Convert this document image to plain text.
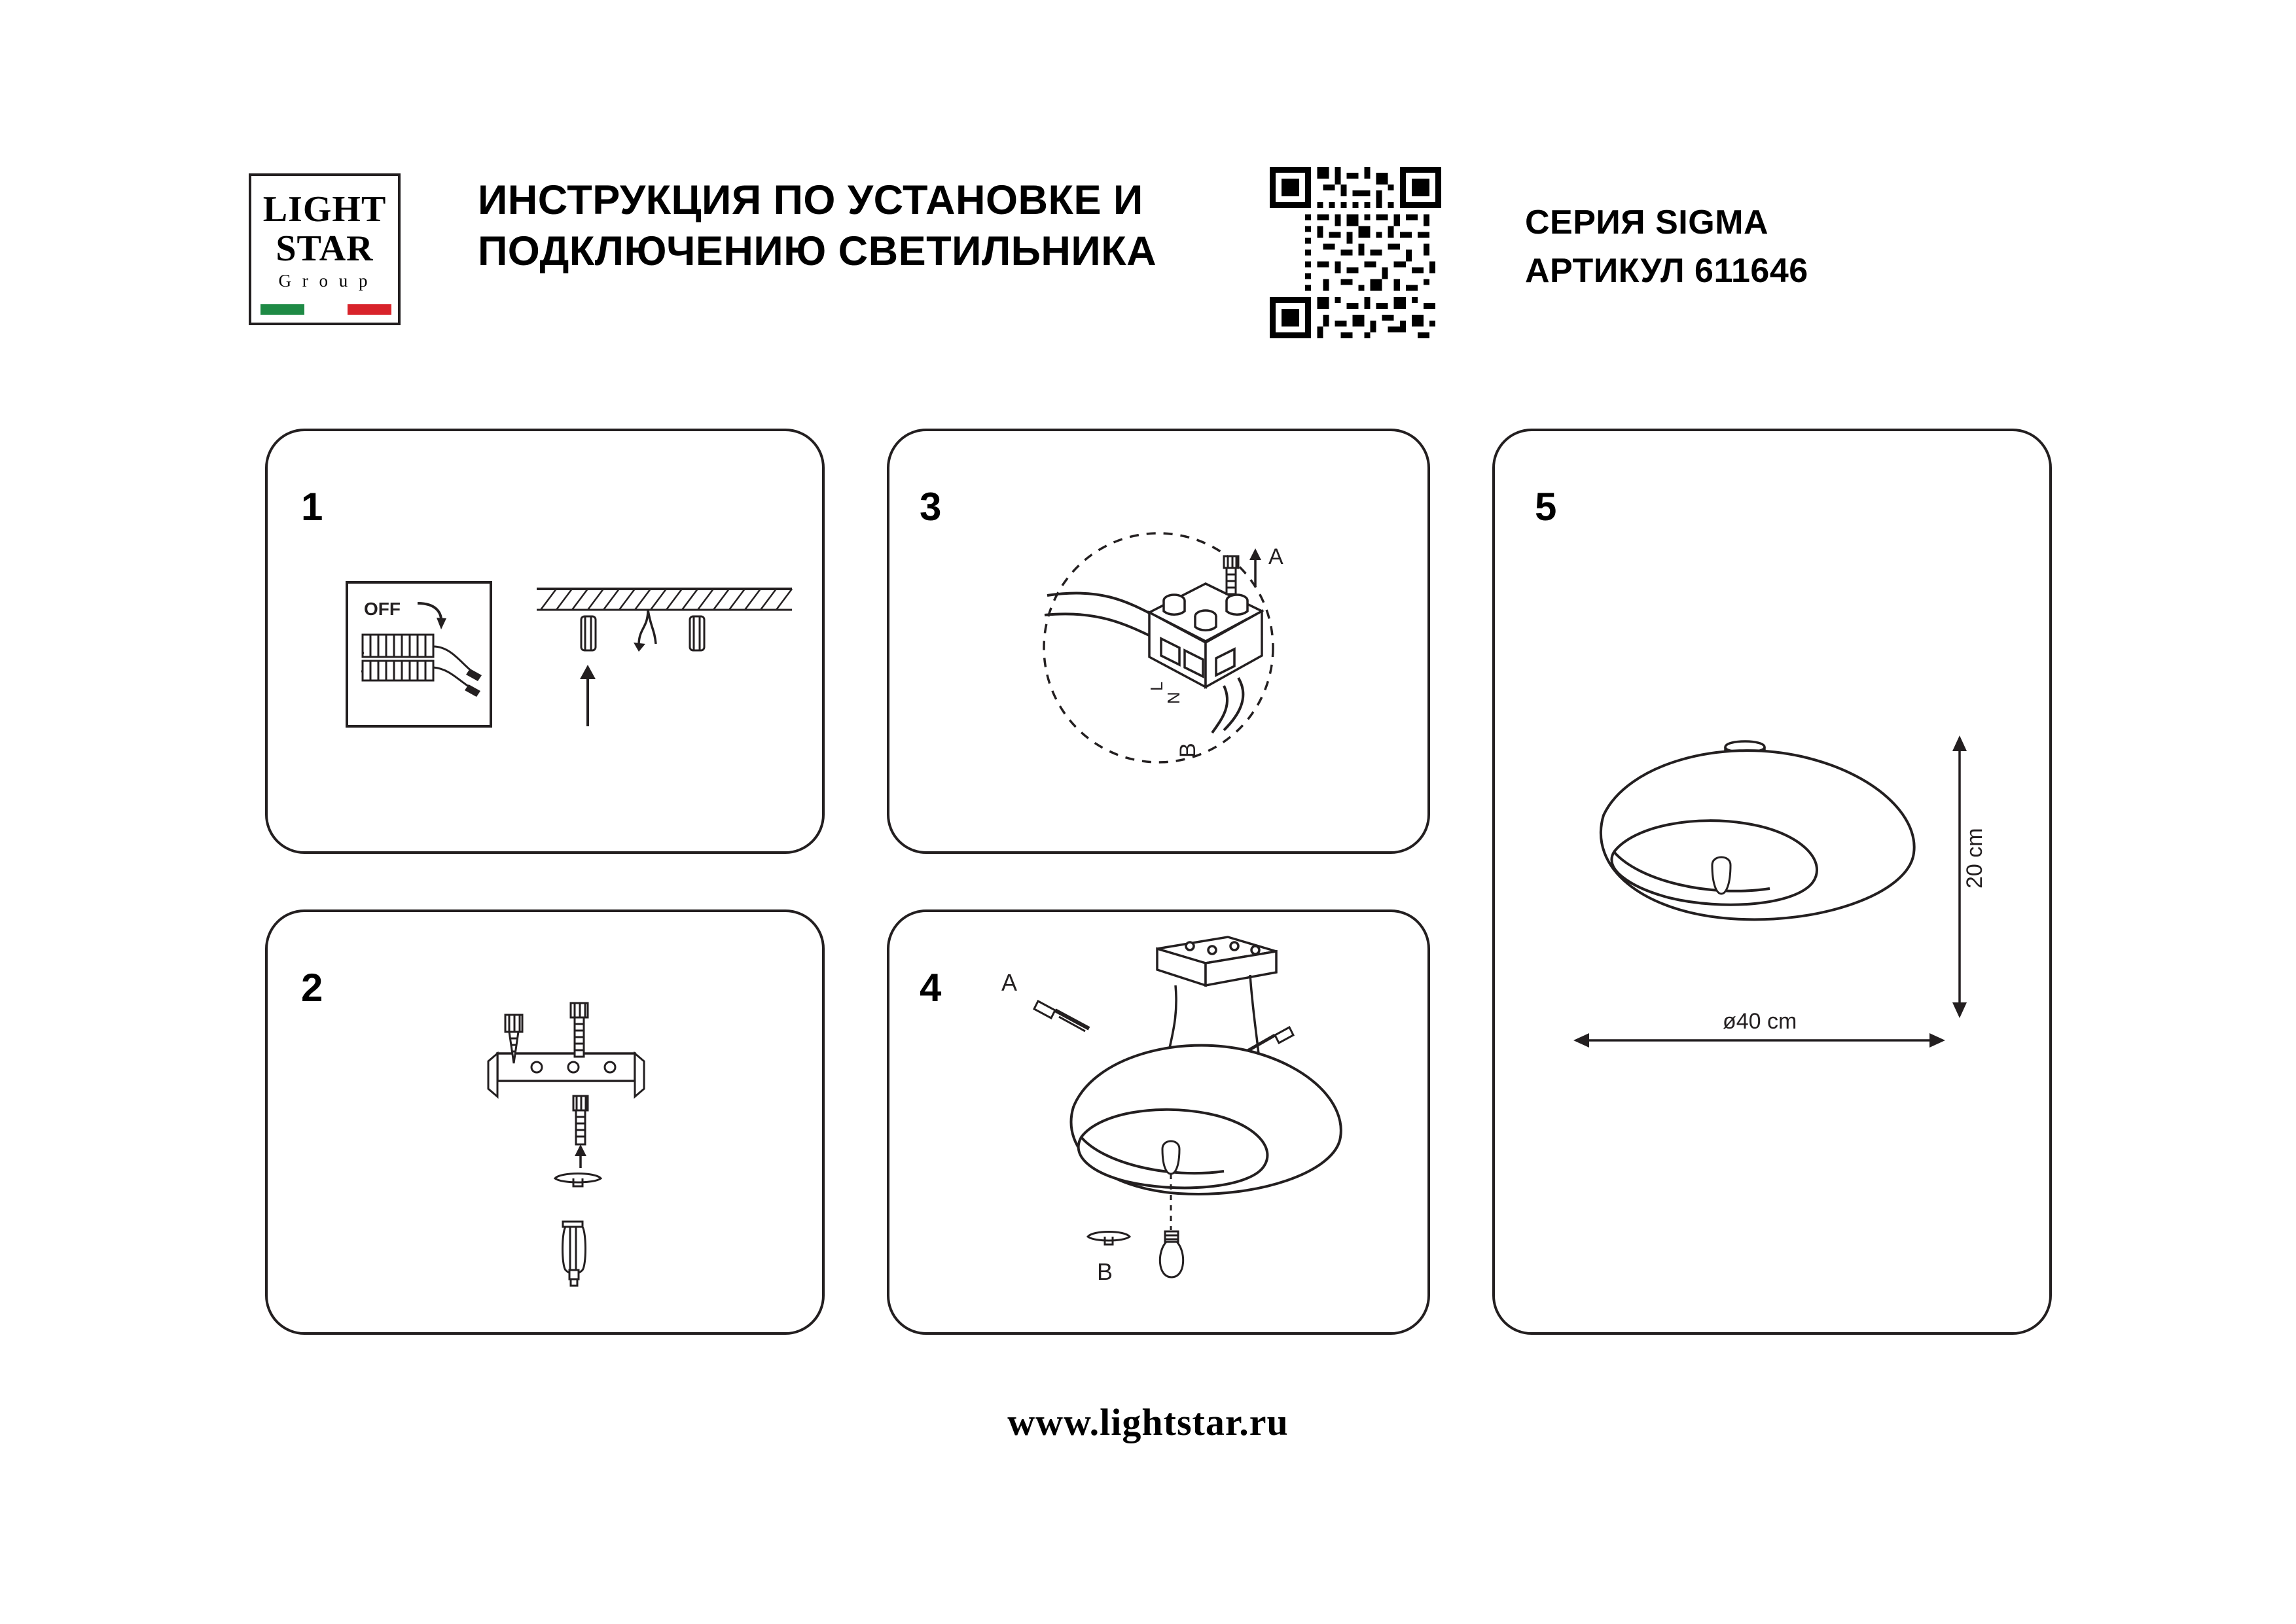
LIGHT
STAR
G r o u p
ИНСТРУКЦИЯ ПО УСТАНОВКЕ И ПОДКЛЮЧЕНИЮ СВЕТИЛЬНИКА
СЕРИЯ SIGMA
АРТИКУЛ 611646
1
OFF
2
3
A
B
L
N
4	A
B
5
20 cm
ø40 cm
www.lightstar.ru
